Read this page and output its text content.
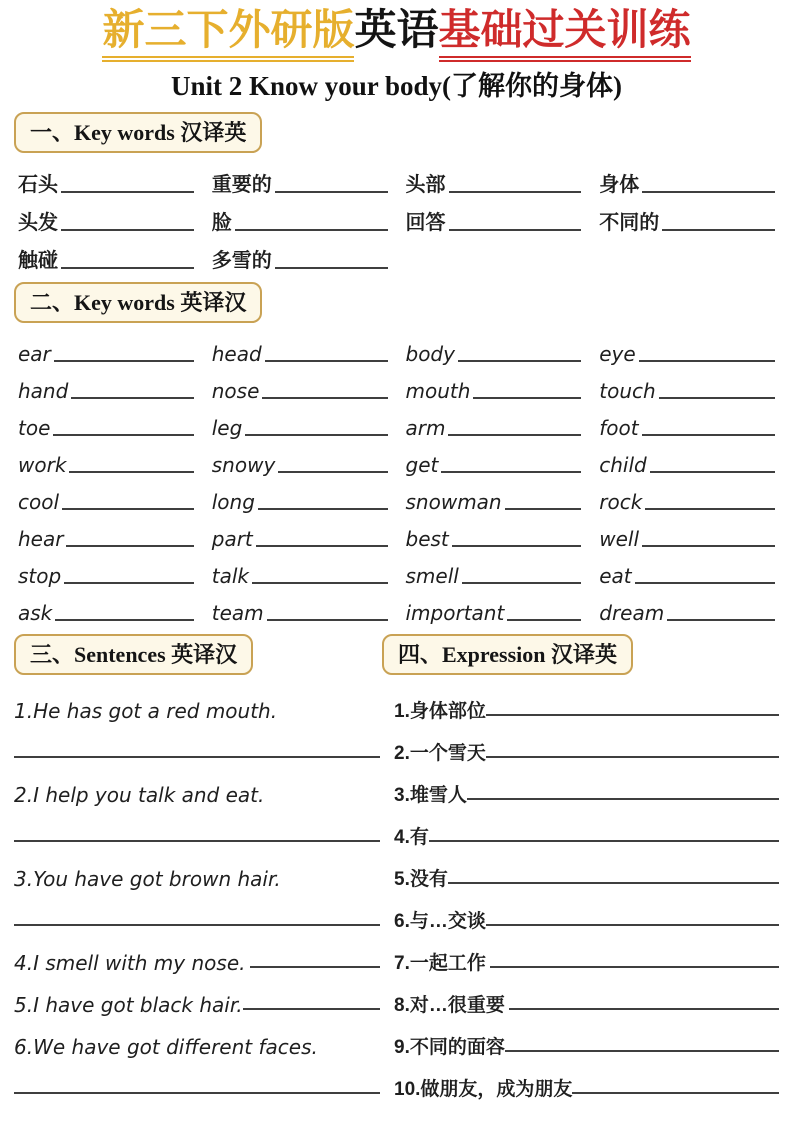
新三下外研版英语基础过关训练
Unit 2 Know your body(了解你的身体)
一、Key words 汉译英
石头	重要的	头部	身体
头发	脸	回答	不同的
触碰	多雪的
二、Key words 英译汉
ear	head	body	eye
hand	nose	mouth	touch
toe	leg	arm	foot
work	snowy	get	child
cool	long	snowman	rock
hear	part	best	well
stop	talk	smell	eat
ask	team	important	dream
三、Sentences 英译汉	四、Expression 汉译英
1.He has got a red mouth.
2.I help you talk and eat.
3.You have got brown hair.
4.I smell with my nose.

5.I have got black hair.
6.We have got different faces.
1.身体部位
2.一个雪天
3.堆雪人
4.有
5.没有
6.与…交谈
7.一起工作

8.对…很重要

9.不同的面容
10.做朋友，成为朋友
